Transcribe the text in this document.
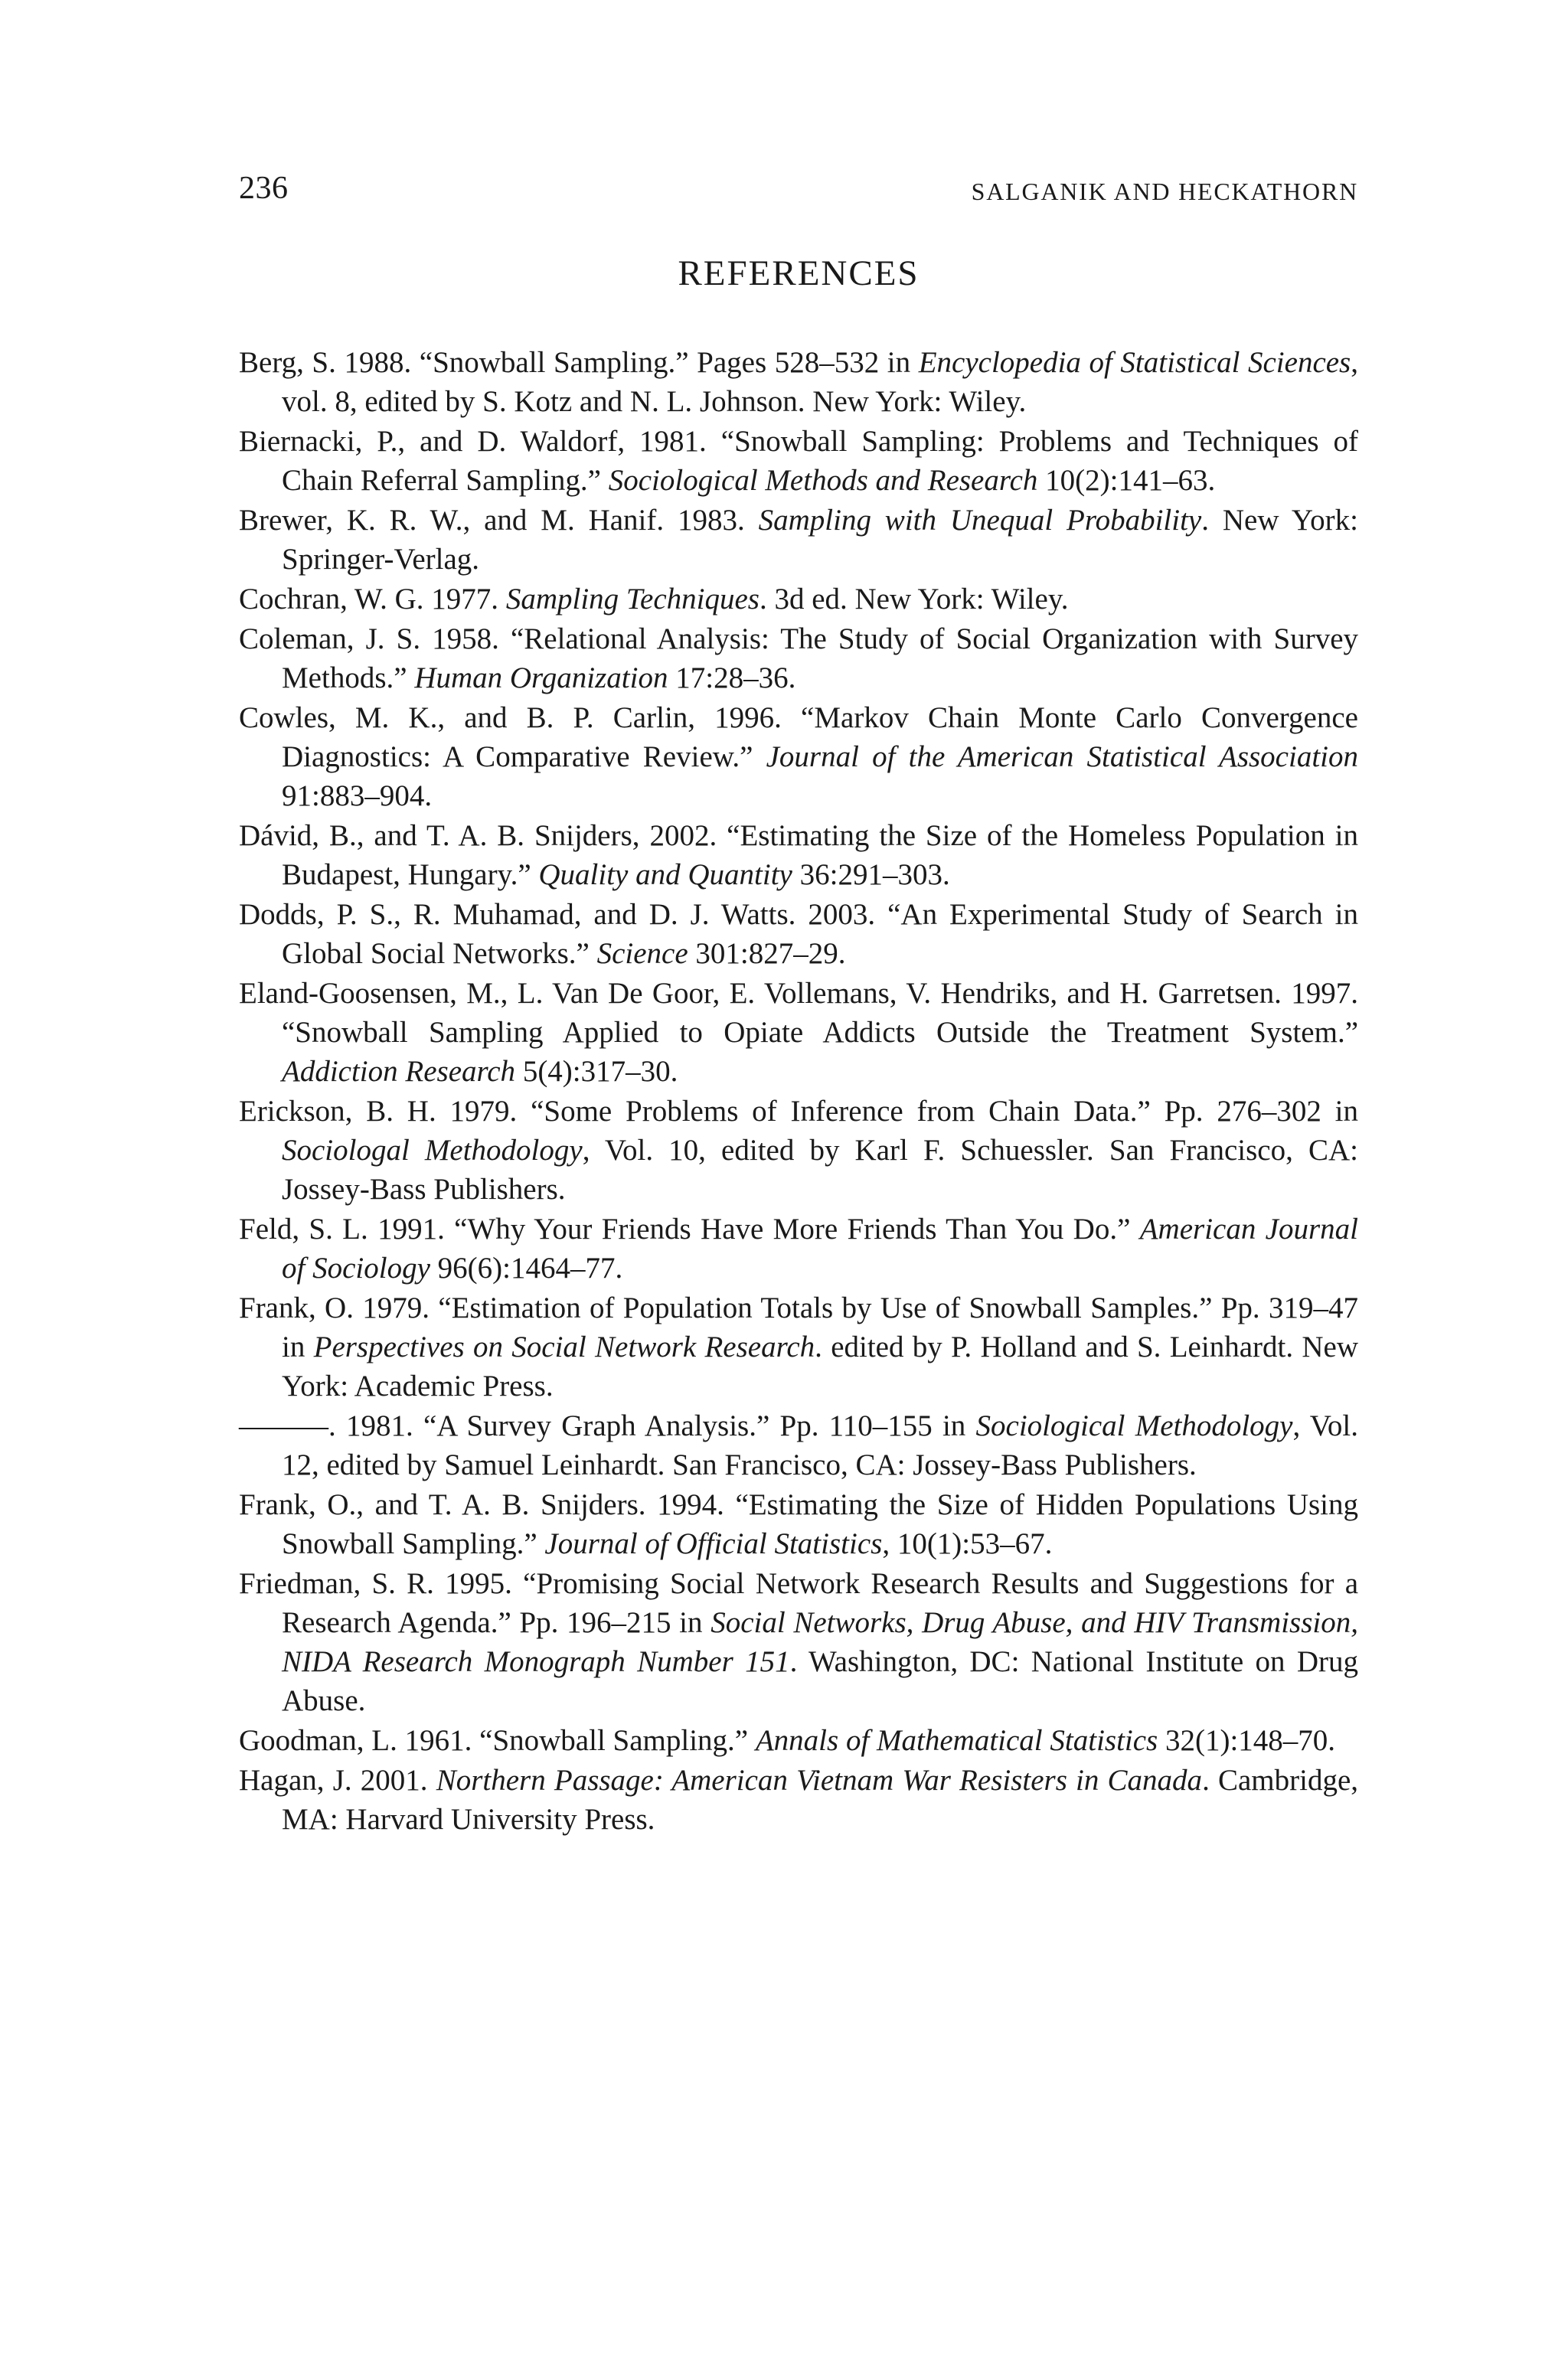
236	SALGANIK AND HECKATHORN
REFERENCES
Berg, S. 1988. “Snowball Sampling.” Pages 528–532 in Encyclopedia of Statistical Sciences, vol. 8, edited by S. Kotz and N. L. Johnson. New York: Wiley.
Biernacki, P., and D. Waldorf, 1981. “Snowball Sampling: Problems and Techniques of Chain Referral Sampling.” Sociological Methods and Research 10(2):141–63.
Brewer, K. R. W., and M. Hanif. 1983. Sampling with Unequal Probability. New York: Springer-Verlag.
Cochran, W. G. 1977. Sampling Techniques. 3d ed. New York: Wiley.
Coleman, J. S. 1958. “Relational Analysis: The Study of Social Organization with Survey Methods.” Human Organization 17:28–36.
Cowles, M. K., and B. P. Carlin, 1996. “Markov Chain Monte Carlo Convergence Diagnostics: A Comparative Review.” Journal of the American Statistical Association 91:883–904.
Dávid, B., and T. A. B. Snijders, 2002. “Estimating the Size of the Homeless Population in Budapest, Hungary.” Quality and Quantity 36:291–303.
Dodds, P. S., R. Muhamad, and D. J. Watts. 2003. “An Experimental Study of Search in Global Social Networks.” Science 301:827–29.
Eland-Goosensen, M., L. Van De Goor, E. Vollemans, V. Hendriks, and H. Garretsen. 1997. “Snowball Sampling Applied to Opiate Addicts Outside the Treatment System.” Addiction Research 5(4):317–30.
Erickson, B. H. 1979. “Some Problems of Inference from Chain Data.” Pp. 276–302 in Sociologal Methodology, Vol. 10, edited by Karl F. Schuessler. San Francisco, CA: Jossey-Bass Publishers.
Feld, S. L. 1991. “Why Your Friends Have More Friends Than You Do.” American Journal of Sociology 96(6):1464–77.
Frank, O. 1979. “Estimation of Population Totals by Use of Snowball Samples.” Pp. 319–47 in Perspectives on Social Network Research. edited by P. Holland and S. Leinhardt. New York: Academic Press.
———. 1981. “A Survey Graph Analysis.” Pp. 110–155 in Sociological Methodology, Vol. 12, edited by Samuel Leinhardt. San Francisco, CA: Jossey-Bass Publishers.
Frank, O., and T. A. B. Snijders. 1994. “Estimating the Size of Hidden Populations Using Snowball Sampling.” Journal of Official Statistics, 10(1):53–67.
Friedman, S. R. 1995. “Promising Social Network Research Results and Suggestions for a Research Agenda.” Pp. 196–215 in Social Networks, Drug Abuse, and HIV Transmission, NIDA Research Monograph Number 151. Washington, DC: National Institute on Drug Abuse.
Goodman, L. 1961. “Snowball Sampling.” Annals of Mathematical Statistics 32(1):148–70.
Hagan, J. 2001. Northern Passage: American Vietnam War Resisters in Canada. Cambridge, MA: Harvard University Press.
